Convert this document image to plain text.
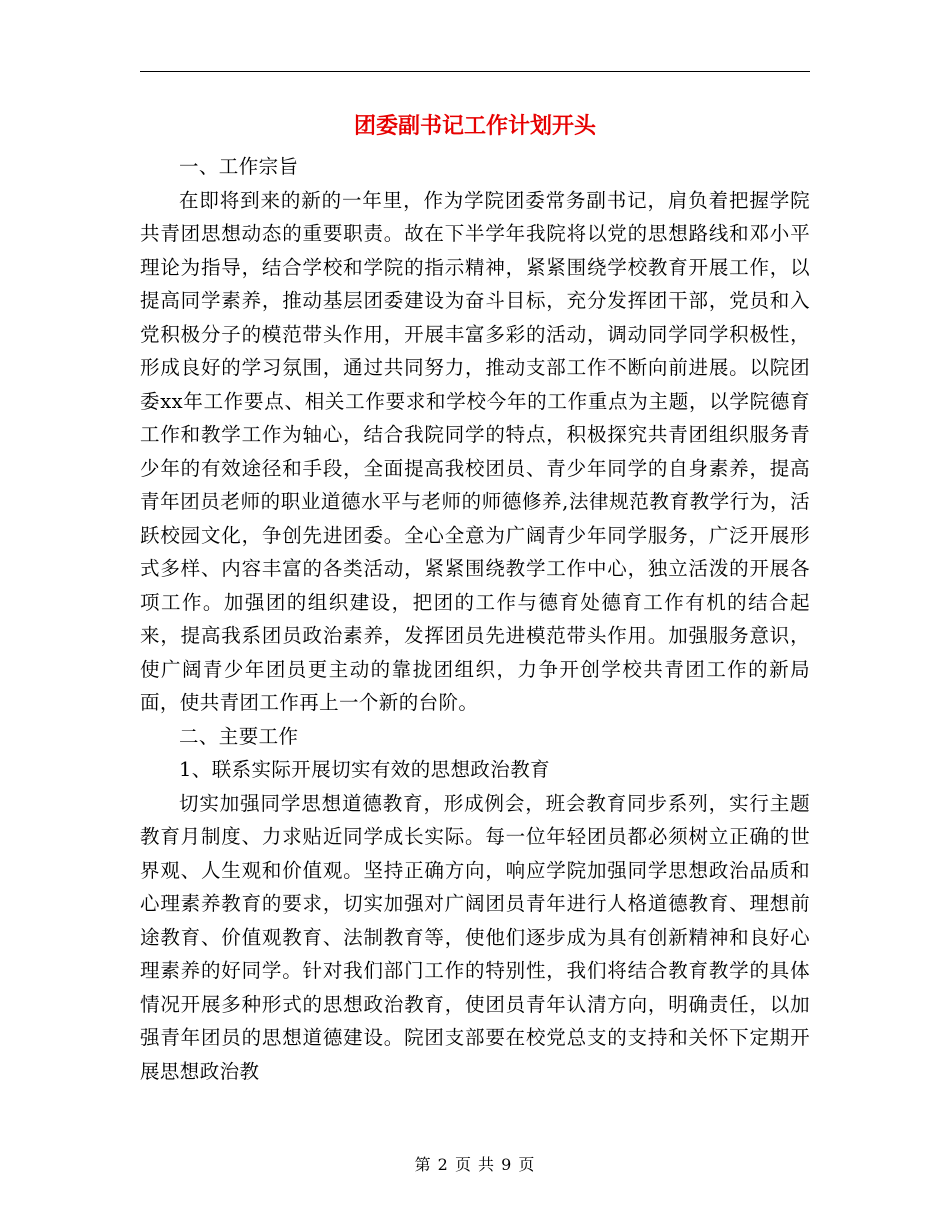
团委副书记工作计划开头

一、工作宗旨

在即将到来的新的一年里，作为学院团委常务副书记，肩负着把握学院共青团思想动态的重要职责。故在下半学年我院将以党的思想路线和邓小平理论为指导，结合学校和学院的指示精神，紧紧围绕学校教育开展工作，以提高同学素养，推动基层团委建设为奋斗目标，充分发挥团干部，党员和入党积极分子的模范带头作用，开展丰富多彩的活动，调动同学同学积极性，形成良好的学习氛围，通过共同努力，推动支部工作不断向前进展。以院团委xx年工作要点、相关工作要求和学校今年的工作重点为主题，以学院德育工作和教学工作为轴心，结合我院同学的特点，积极探究共青团组织服务青少年的有效途径和手段，全面提高我校团员、青少年同学的自身素养，提高青年团员老师的职业道德水平与老师的师德修养,法律规范教育教学行为，活跃校园文化，争创先进团委。全心全意为广阔青少年同学服务，广泛开展形式多样、内容丰富的各类活动，紧紧围绕教学工作中心，独立活泼的开展各项工作。加强团的组织建设，把团的工作与德育处德育工作有机的结合起来，提高我系团员政治素养，发挥团员先进模范带头作用。加强服务意识，使广阔青少年团员更主动的靠拢团组织，力争开创学校共青团工作的新局面，使共青团工作再上一个新的台阶。

二、主要工作

1、联系实际开展切实有效的思想政治教育

切实加强同学思想道德教育，形成例会，班会教育同步系列，实行主题教育月制度、力求贴近同学成长实际。每一位年轻团员都必须树立正确的世界观、人生观和价值观。坚持正确方向，响应学院加强同学思想政治品质和心理素养教育的要求，切实加强对广阔团员青年进行人格道德教育、理想前途教育、价值观教育、法制教育等，使他们逐步成为具有创新精神和良好心理素养的好同学。针对我们部门工作的特别性，我们将结合教育教学的具体情况开展多种形式的思想政治教育，使团员青年认清方向，明确责任，以加强青年团员的思想道德建设。院团支部要在校党总支的支持和关怀下定期开展思想政治教

第 2 页 共 9 页
